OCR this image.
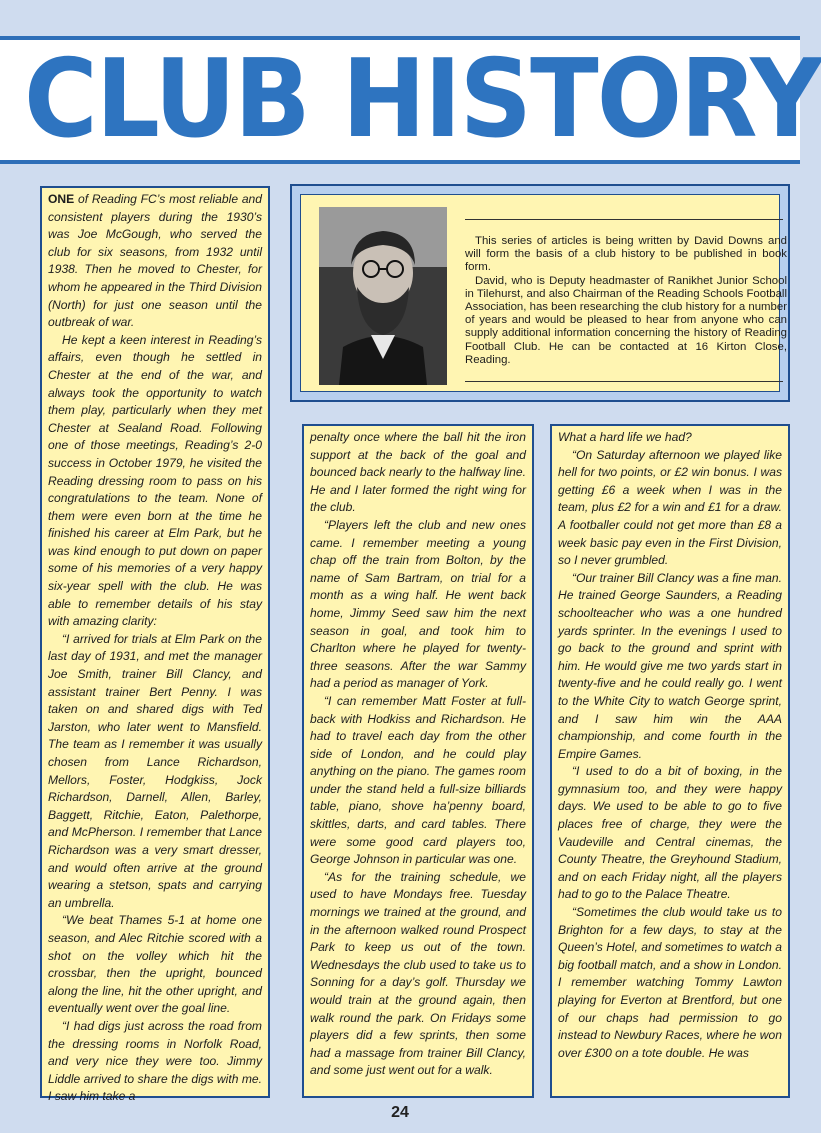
CLUB HISTORY

ONE of Reading FC’s most reliable and consistent players during the 1930’s was Joe McGough, who served the club for six seasons, from 1932 until 1938. Then he moved to Chester, for whom he appeared in the Third Division (North) for just one season until the outbreak of war.

He kept a keen interest in Reading’s affairs, even though he settled in Chester at the end of the war, and always took the opportunity to watch them play, particularly when they met Chester at Sealand Road. Following one of those meetings, Reading’s 2-0 success in October 1979, he visited the Reading dressing room to pass on his congratulations to the team. None of them were even born at the time he finished his career at Elm Park, but he was kind enough to put down on paper some of his memories of a very happy six-year spell with the club. He was able to remember details of his stay with amazing clarity:

“I arrived for trials at Elm Park on the last day of 1931, and met the manager Joe Smith, trainer Bill Clancy, and assistant trainer Bert Penny. I was taken on and shared digs with Ted Jarston, who later went to Mansfield. The team as I remember it was usually chosen from Lance Richardson, Mellors, Foster, Hodgkiss, Jock Richardson, Darnell, Allen, Barley, Baggett, Ritchie, Eaton, Palethorpe, and McPherson. I remember that Lance Richardson was a very smart dresser, and would often arrive at the ground wearing a stetson, spats and carrying an umbrella.

“We beat Thames 5-1 at home one season, and Alec Ritchie scored with a shot on the volley which hit the crossbar, then the upright, bounced along the line, hit the other upright, and eventually went over the goal line.

“I had digs just across the road from the dressing rooms in Norfolk Road, and very nice they were too. Jimmy Liddle arrived to share the digs with me. I saw him take a

This series of articles is being written by David Downs and will form the basis of a club history to be published in book form.

David, who is Deputy headmaster of Ranikhet Junior School in Tilehurst, and also Chairman of the Reading Schools Football Association, has been researching the club history for a number of years and would be pleased to hear from anyone who can supply additional information concerning the history of Reading Football Club. He can be contacted at 16 Kirton Close, Reading.

penalty once where the ball hit the iron support at the back of the goal and bounced back nearly to the halfway line. He and I later formed the right wing for the club.

“Players left the club and new ones came. I remember meeting a young chap off the train from Bolton, by the name of Sam Bartram, on trial for a month as a wing half. He went back home, Jimmy Seed saw him the next season in goal, and took him to Charlton where he played for twenty-three seasons. After the war Sammy had a period as manager of York.

“I can remember Matt Foster at full-back with Hodkiss and Richardson. He had to travel each day from the other side of London, and he could play anything on the piano. The games room under the stand held a full-size billiards table, piano, shove ha’penny board, skittles, darts, and card tables. There were some good card players too, George Johnson in particular was one.

“As for the training schedule, we used to have Mondays free. Tuesday mornings we trained at the ground, and in the afternoon walked round Prospect Park to keep us out of the town. Wednesdays the club used to take us to Sonning for a day’s golf. Thursday we would train at the ground again, then walk round the park. On Fridays some players did a few sprints, then some had a massage from trainer Bill Clancy, and some just went out for a walk.

What a hard life we had?

“On Saturday afternoon we played like hell for two points, or £2 win bonus. I was getting £6 a week when I was in the team, plus £2 for a win and £1 for a draw. A footballer could not get more than £8 a week basic pay even in the First Division, so I never grumbled.

“Our trainer Bill Clancy was a fine man. He trained George Saunders, a Reading schoolteacher who was a one hundred yards sprinter. In the evenings I used to go back to the ground and sprint with him. He would give me two yards start in twenty-five and he could really go. I went to the White City to watch George sprint, and I saw him win the AAA championship, and come fourth in the Empire Games.

“I used to do a bit of boxing, in the gymnasium too, and they were happy days. We used to be able to go to five places free of charge, they were the Vaudeville and Central cinemas, the County Theatre, the Greyhound Stadium, and on each Friday night, all the players had to go to the Palace Theatre.

“Sometimes the club would take us to Brighton for a few days, to stay at the Queen’s Hotel, and sometimes to watch a big football match, and a show in London. I remember watching Tommy Lawton playing for Everton at Brentford, but one of our chaps had permission to go instead to Newbury Races, where he won over £300 on a tote double. He was

24
